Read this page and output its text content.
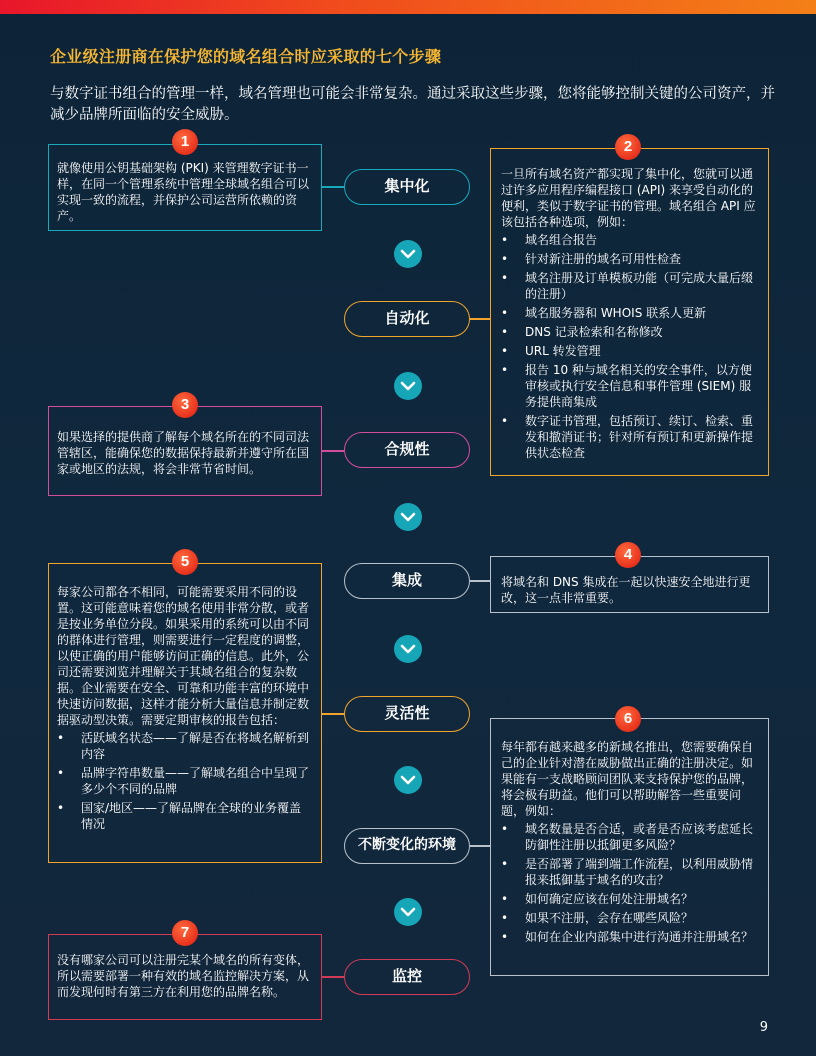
企业级注册商在保护您的域名组合时应采取的七个步骤
与数字证书组合的管理一样，域名管理也可能会非常复杂。通过采取这些步骤，您将能够控制关键的公司资产，并减少品牌所面临的安全威胁。

就像使用公钥基础架构 (PKI) 来管理数字证书一样，在同一个管理系统中管理全球域名组合可以实现一致的流程，并保护公司运营所依赖的资产。

1
集中化

一旦所有域名资产都实现了集中化，您就可以通过许多应用程序编程接口 (API) 来享受自动化的便利，类似于数字证书的管理。域名组合 API 应该包括各种选项，例如：

• 域名组合报告
• 针对新注册的域名可用性检查
• 域名注册及订单模板功能（可完成大量后缀的注册）
• 域名服务器和 WHOIS 联系人更新
• DNS 记录检索和名称修改
• URL 转发管理
• 报告 10 种与域名相关的安全事件，以方便审核或执行安全信息和事件管理 (SIEM) 服务提供商集成
• 数字证书管理，包括预订、续订、检索、重发和撤消证书；针对所有预订和更新操作提供状态检查
2
自动化

如果选择的提供商了解每个域名所在的不同司法管辖区，能确保您的数据保持最新并遵守所在国家或地区的法规，将会非常节省时间。

3
合规性

将域名和 DNS 集成在一起以快速安全地进行更改，这一点非常重要。

4
集成

每家公司都各不相同，可能需要采用不同的设置。这可能意味着您的域名使用非常分散，或者是按业务单位分段。如果采用的系统可以由不同的群体进行管理，则需要进行一定程度的调整，以使正确的用户能够访问正确的信息。此外，公司还需要浏览并理解关于其域名组合的复杂数据。企业需要在安全、可靠和功能丰富的环境中快速访问数据，这样才能分析大量信息并制定数据驱动型决策。需要定期审核的报告包括：

• 活跃域名状态——了解是否在将域名解析到内容
• 品牌字符串数量——了解域名组合中呈现了多少个不同的品牌
• 国家/地区——了解品牌在全球的业务覆盖情况
5
灵活性

每年都有越来越多的新域名推出，您需要确保自己的企业针对潜在威胁做出正确的注册决定。如果能有一支战略顾问团队来支持保护您的品牌，将会极有助益。他们可以帮助解答一些重要问题，例如：

• 域名数量是否合适，或者是否应该考虑延长防御性注册以抵御更多风险？
• 是否部署了端到端工作流程，以利用威胁情报来抵御基于域名的攻击？
• 如何确定应该在何处注册域名？
• 如果不注册，会存在哪些风险？
• 如何在企业内部集中进行沟通并注册域名？
6
不断变化的环境

没有哪家公司可以注册完某个域名的所有变体，所以需要部署一种有效的域名监控解决方案，从而发现何时有第三方在利用您的品牌名称。

7
监控
9
